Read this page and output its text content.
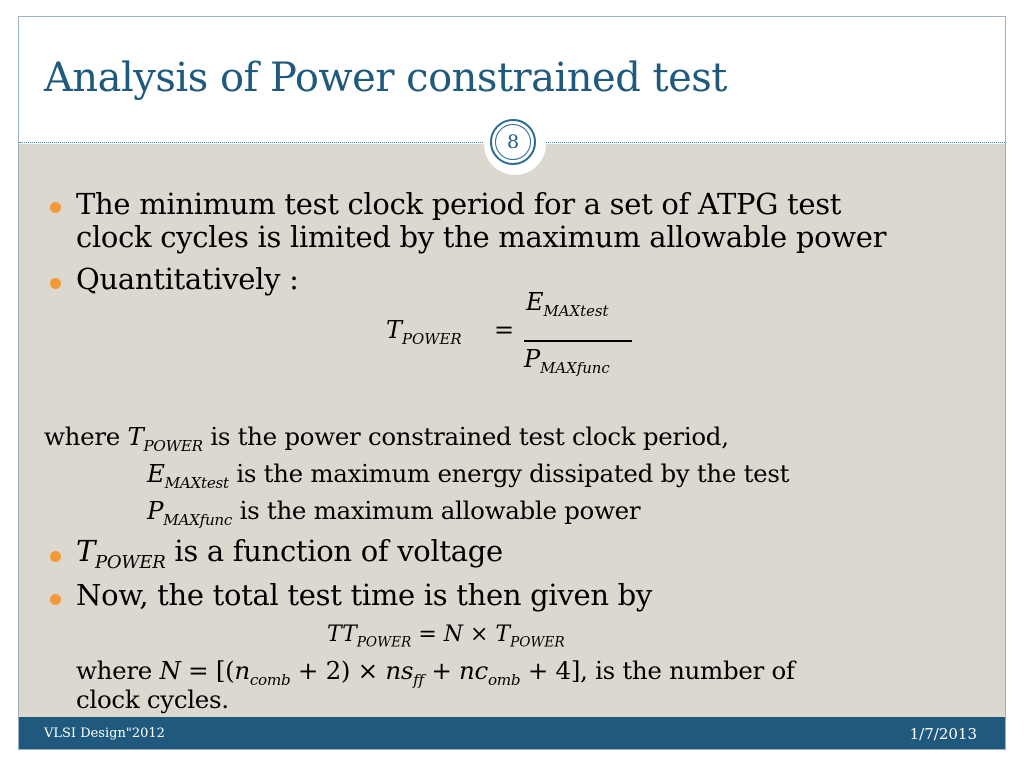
Analysis of Power constrained test
The minimum test clock period for a set of ATPG test
clock cycles is limited by the maximum allowable power
Quantitatively :
$T_{POWER}$ =
$E_{MAXtest}$
$P_{MAXfunc}$
where $T_{POWER}$ is the power constrained test clock period,
$E_{MAXtest}$ is the maximum energy dissipated by the test
$P_{MAXfunc}$ is the maximum allowable power
$T_{POWER}$ is a function of voltage
Now, the total test time is then given by
$TT_{POWER} = N \times T_{POWER}$
where $N = [(n_{comb} + 2) \times ns_{ff} + nc_{omb} + 4]$, is the number of
clock cycles.
8
VLSI Design"2012	1/7/2013
